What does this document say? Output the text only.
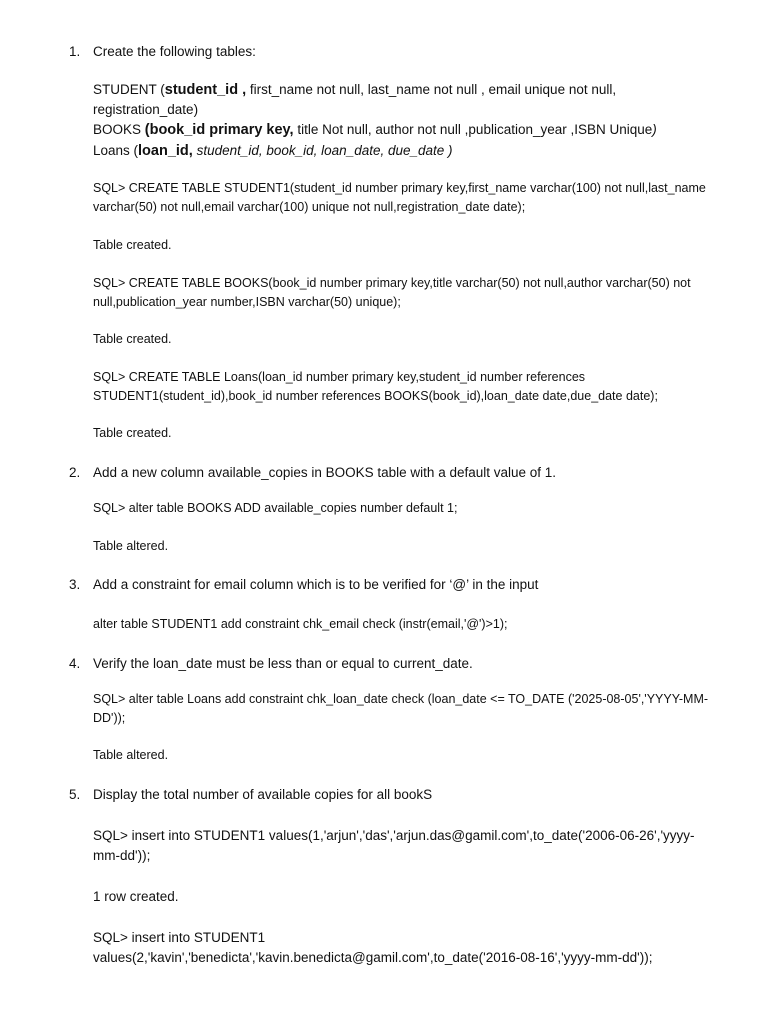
1. Create the following tables:
STUDENT (student_id , first_name not null, last_name not null , email unique not null,
registration_date)
BOOKS (book_id primary key, title Not null, author not null ,publication_year ,ISBN Unique)
Loans (loan_id, student_id, book_id, loan_date, due_date )
SQL> CREATE TABLE STUDENT1(student_id number primary key,first_name varchar(100) not null,last_name
varchar(50) not null,email varchar(100) unique not null,registration_date date);
Table created.
SQL> CREATE TABLE BOOKS(book_id number primary key,title varchar(50) not null,author varchar(50) not
null,publication_year number,ISBN varchar(50) unique);
Table created.
SQL> CREATE TABLE Loans(loan_id number primary key,student_id number references
STUDENT1(student_id),book_id number references BOOKS(book_id),loan_date date,due_date date);
Table created.
2. Add a new column available_copies in BOOKS table with a default value of 1.
SQL> alter table BOOKS ADD available_copies number default 1;
Table altered.
3. Add a constraint for email column which is to be verified for ‘@’ in the input
alter table STUDENT1 add constraint chk_email check (instr(email,'@')>1);
4. Verify the loan_date must be less than or equal to current_date.
SQL> alter table Loans add constraint chk_loan_date check (loan_date <= TO_DATE ('2025-08-05','YYYY-MM-
DD'));
Table altered.
5. Display the total number of available copies for all bookS
SQL> insert into STUDENT1 values(1,'arjun','das','arjun.das@gamil.com',to_date('2006-06-26','yyyy-
mm-dd'));
1 row created.
SQL> insert into STUDENT1
values(2,'kavin','benedicta','kavin.benedicta@gamil.com',to_date('2016-08-16','yyyy-mm-dd'));
